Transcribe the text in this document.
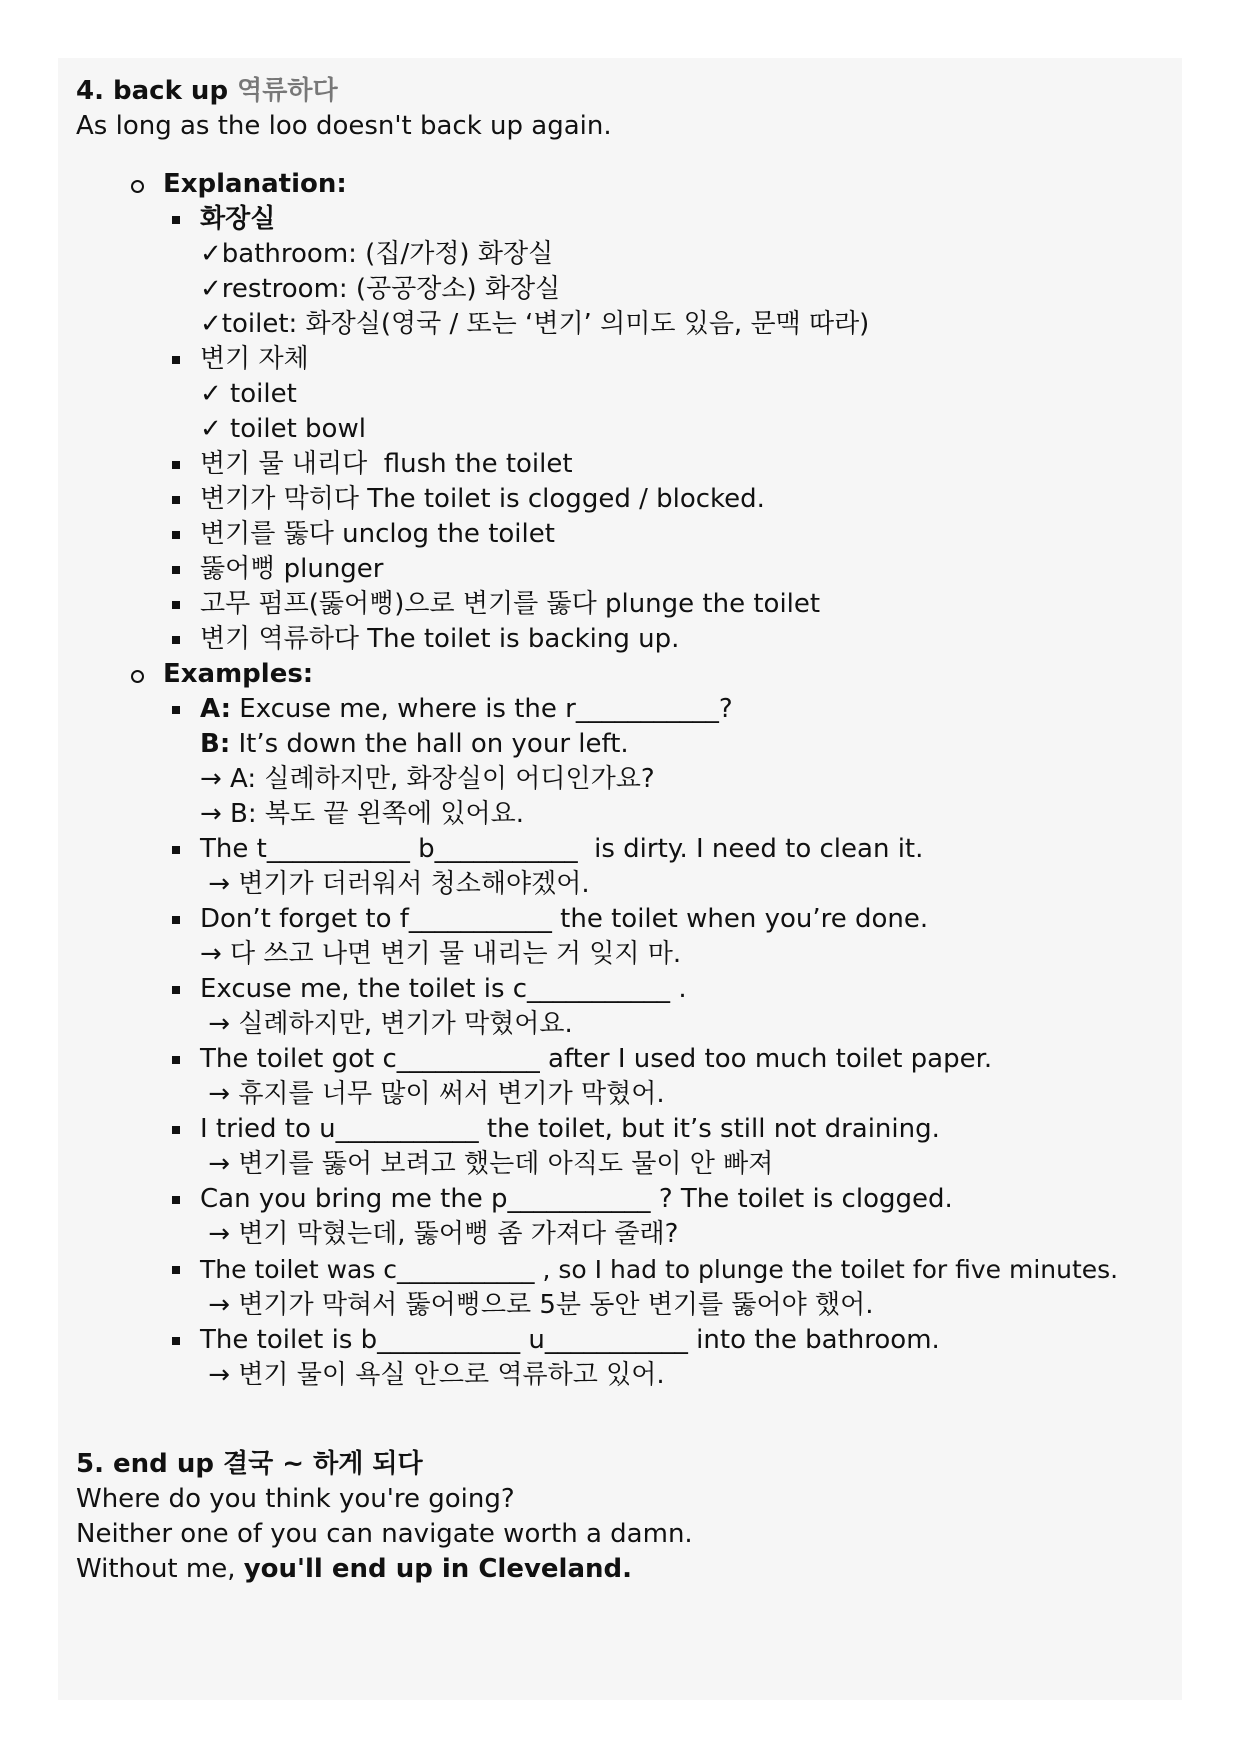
4. back up 역류하다
As long as the loo doesn't back up again.
Explanation:
화장실
✓bathroom: (집/가정) 화장실
✓restroom: (공공장소) 화장실
✓toilet: 화장실(영국 / 또는 ‘변기’ 의미도 있음, 문맥 따라)
변기 자체
✓ toilet
✓ toilet bowl
변기 물 내리다  flush the toilet
변기가 막히다 The toilet is clogged / blocked.
변기를 뚫다 unclog the toilet
뚫어뻥 plunger
고무 펌프(뚫어뻥)으로 변기를 뚫다 plunge the toilet
변기 역류하다 The toilet is backing up.
Examples:
A: Excuse me, where is the r___________?
B: It’s down the hall on your left.
→ A: 실례하지만, 화장실이 어디인가요?
→ B: 복도 끝 왼쪽에 있어요.
The t___________ b___________  is dirty. I need to clean it.
→ 변기가 더러워서 청소해야겠어.
Don’t forget to f___________ the toilet when you’re done.
→ 다 쓰고 나면 변기 물 내리는 거 잊지 마.
Excuse me, the toilet is c___________ .
→ 실례하지만, 변기가 막혔어요.
The toilet got c___________ after I used too much toilet paper.
→ 휴지를 너무 많이 써서 변기가 막혔어.
I tried to u___________ the toilet, but it’s still not draining.
→ 변기를 뚫어 보려고 했는데 아직도 물이 안 빠져
Can you bring me the p___________ ? The toilet is clogged.
→ 변기 막혔는데, 뚫어뻥 좀 가져다 줄래?
The toilet was c___________ , so I had to plunge the toilet for five minutes.
→ 변기가 막혀서 뚫어뻥으로 5분 동안 변기를 뚫어야 했어.
The toilet is b___________ u___________ into the bathroom.
→ 변기 물이 욕실 안으로 역류하고 있어.
5. end up 결국 ~ 하게 되다
Where do you think you're going?
Neither one of you can navigate worth a damn.
Without me, you'll end up in Cleveland.
